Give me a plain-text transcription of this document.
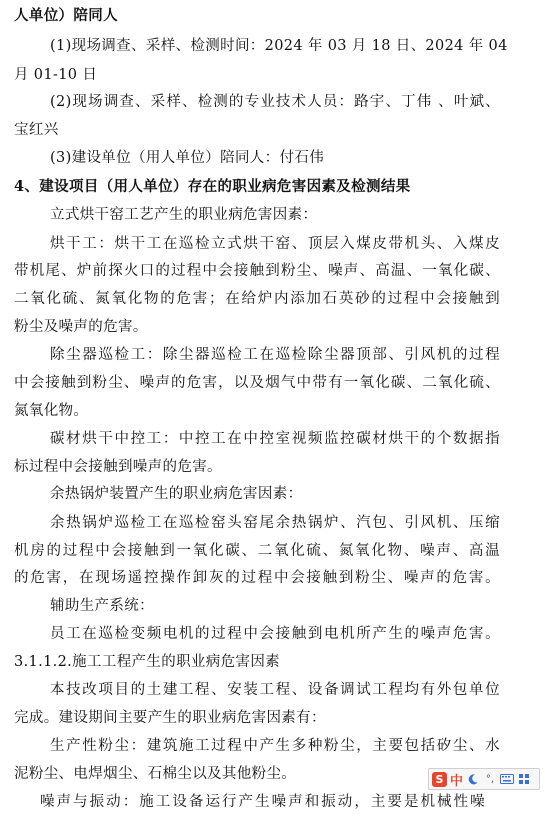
人单位）陪同人
(1)现场调查、采样、检测时间：2024 年 03 月 18 日、2024 年 04
月 01-10 日
(2)现场调查、采样、检测的专业技术人员：路宇、丁伟 、叶斌、
宝红兴
(3)建设单位（用人单位）陪同人：付石伟
4、建设项目（用人单位）存在的职业病危害因素及检测结果
立式烘干窑工艺产生的职业病危害因素：
烘干工：烘干工在巡检立式烘干窑、顶层入煤皮带机头、入煤皮
带机尾、炉前探火口的过程中会接触到粉尘、噪声、高温、一氧化碳、
二氧化硫、氮氧化物的危害；在给炉内添加石英砂的过程中会接触到
粉尘及噪声的危害。
除尘器巡检工：除尘器巡检工在巡检除尘器顶部、引风机的过程
中会接触到粉尘、噪声的危害，以及烟气中带有一氧化碳、二氧化硫、
氮氧化物。
碳材烘干中控工：中控工在中控室视频监控碳材烘干的个数据指
标过程中会接触到噪声的危害。
余热锅炉装置产生的职业病危害因素：
余热锅炉巡检工在巡检窑头窑尾余热锅炉、汽包、引风机、压缩
机房的过程中会接触到一氧化碳、二氧化硫、氮氧化物、噪声、高温
的危害，在现场遥控操作卸灰的过程中会接触到粉尘、噪声的危害。
辅助生产系统：
员工在巡检变频电机的过程中会接触到电机所产生的噪声危害。
3.1.1.2.施工工程产生的职业病危害因素
本技改项目的土建工程、安装工程、设备调试工程均有外包单位
完成。建设期间主要产生的职业病危害因素有：
生产性粉尘：建筑施工过程中产生多种粉尘，主要包括矽尘、水
泥粉尘、电焊烟尘、石棉尘以及其他粉尘。
噪声与振动：施工设备运行产生噪声和振动，主要是机械性噪
S 中 °,
